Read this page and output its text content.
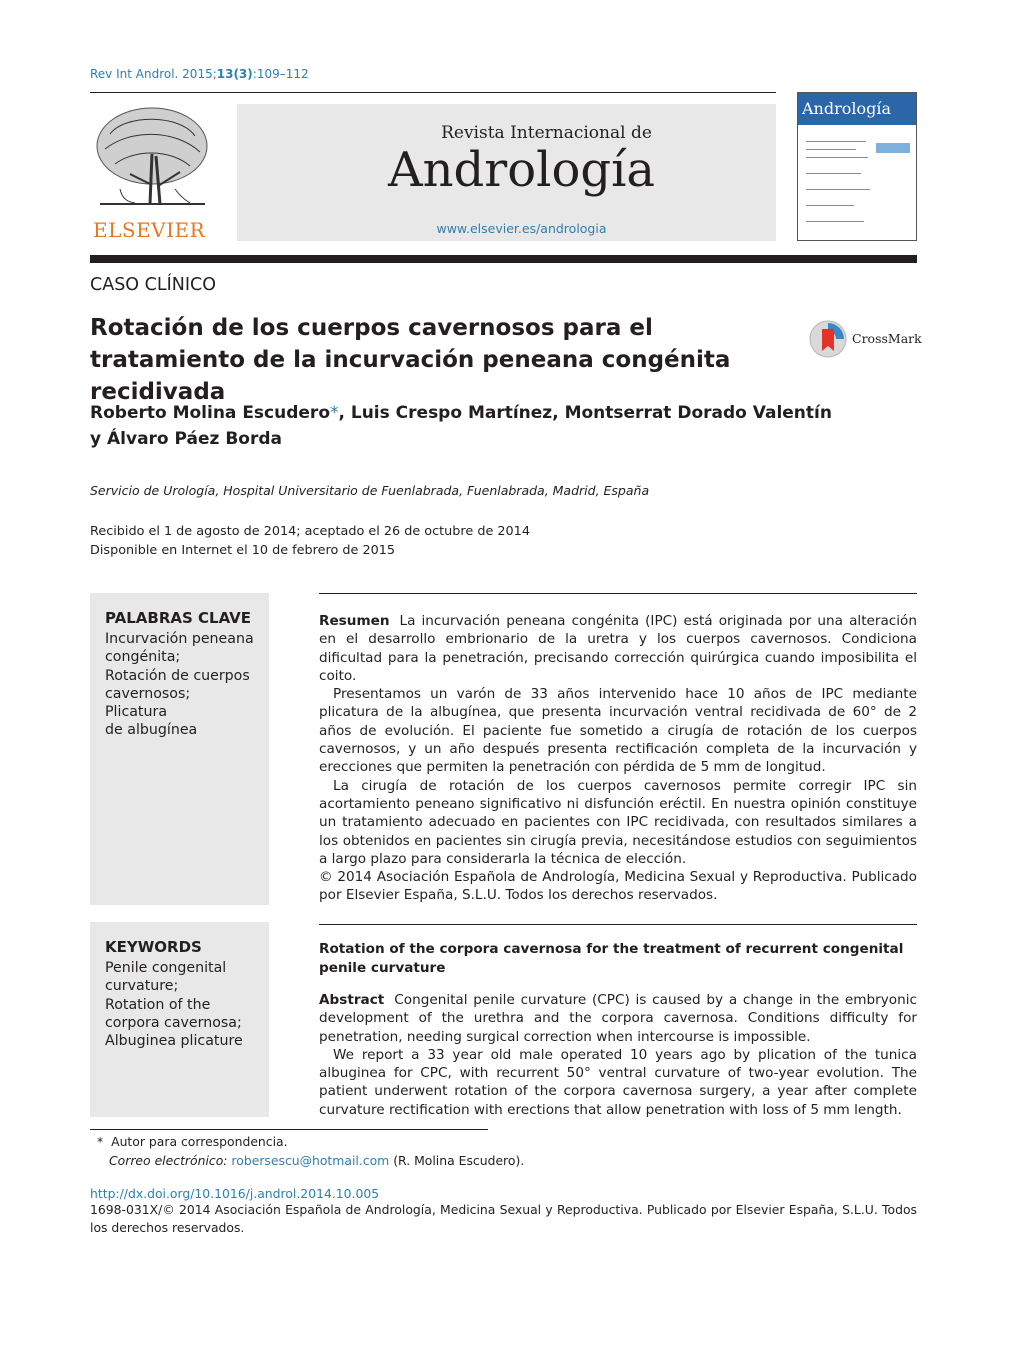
Rev Int Androl. 2015;13(3):109–112
ELSEVIER
Revista Internacional de
Andrología
www.elsevier.es/andrologia
Andrología
CASO CLÍNICO
Rotación de los cuerpos cavernosos para el tratamiento de la incurvación peneana congénita recidivada
CrossMark
Roberto Molina Escudero*, Luis Crespo Martínez, Montserrat Dorado Valentín
y Álvaro Páez Borda
Servicio de Urología, Hospital Universitario de Fuenlabrada, Fuenlabrada, Madrid, España
Recibido el 1 de agosto de 2014; aceptado el 26 de octubre de 2014
Disponible en Internet el 10 de febrero de 2015
PALABRAS CLAVE
Incurvación peneana
congénita;
Rotación de cuerpos
cavernosos;
Plicatura
de albugínea

Resumen La incurvación peneana congénita (IPC) está originada por una alteración en el desarrollo embrionario de la uretra y los cuerpos cavernosos. Condiciona dificultad para la penetración, precisando corrección quirúrgica cuando imposibilita el coito.

Presentamos un varón de 33 años intervenido hace 10 años de IPC mediante plicatura de la albugínea, que presenta incurvación ventral recidivada de 60° de 2 años de evolución. El paciente fue sometido a cirugía de rotación de los cuerpos cavernosos, y un año después presenta rectificación completa de la incurvación y erecciones que permiten la penetración con pérdida de 5 mm de longitud.

La cirugía de rotación de los cuerpos cavernosos permite corregir IPC sin acortamiento peneano significativo ni disfunción eréctil. En nuestra opinión constituye un tratamiento adecuado en pacientes con IPC recidivada, con resultados similares a los obtenidos en pacientes sin cirugía previa, necesitándose estudios con seguimientos a largo plazo para considerarla la técnica de elección.

© 2014 Asociación Española de Andrología, Medicina Sexual y Reproductiva. Publicado por Elsevier España, S.L.U. Todos los derechos reservados.

KEYWORDS
Penile congenital
curvature;
Rotation of the
corpora cavernosa;
Albuginea plicature
Rotation of the corpora cavernosa for the treatment of recurrent congenital penile curvature

Abstract Congenital penile curvature (CPC) is caused by a change in the embryonic development of the urethra and the corpora cavernosa. Conditions difficulty for penetration, needing surgical correction when intercourse is impossible.

We report a 33 year old male operated 10 years ago by plication of the tunica albuginea for CPC, with recurrent 50° ventral curvature of two-year evolution. The patient underwent rotation of the corpora cavernosa surgery, a year after complete curvature rectification with erections that allow penetration with loss of 5 mm length.

* Autor para correspondencia.
Correo electrónico: robersescu@hotmail.com (R. Molina Escudero).
http://dx.doi.org/10.1016/j.androl.2014.10.005
1698-031X/© 2014 Asociación Española de Andrología, Medicina Sexual y Reproductiva. Publicado por Elsevier España, S.L.U. Todos los derechos reservados.
